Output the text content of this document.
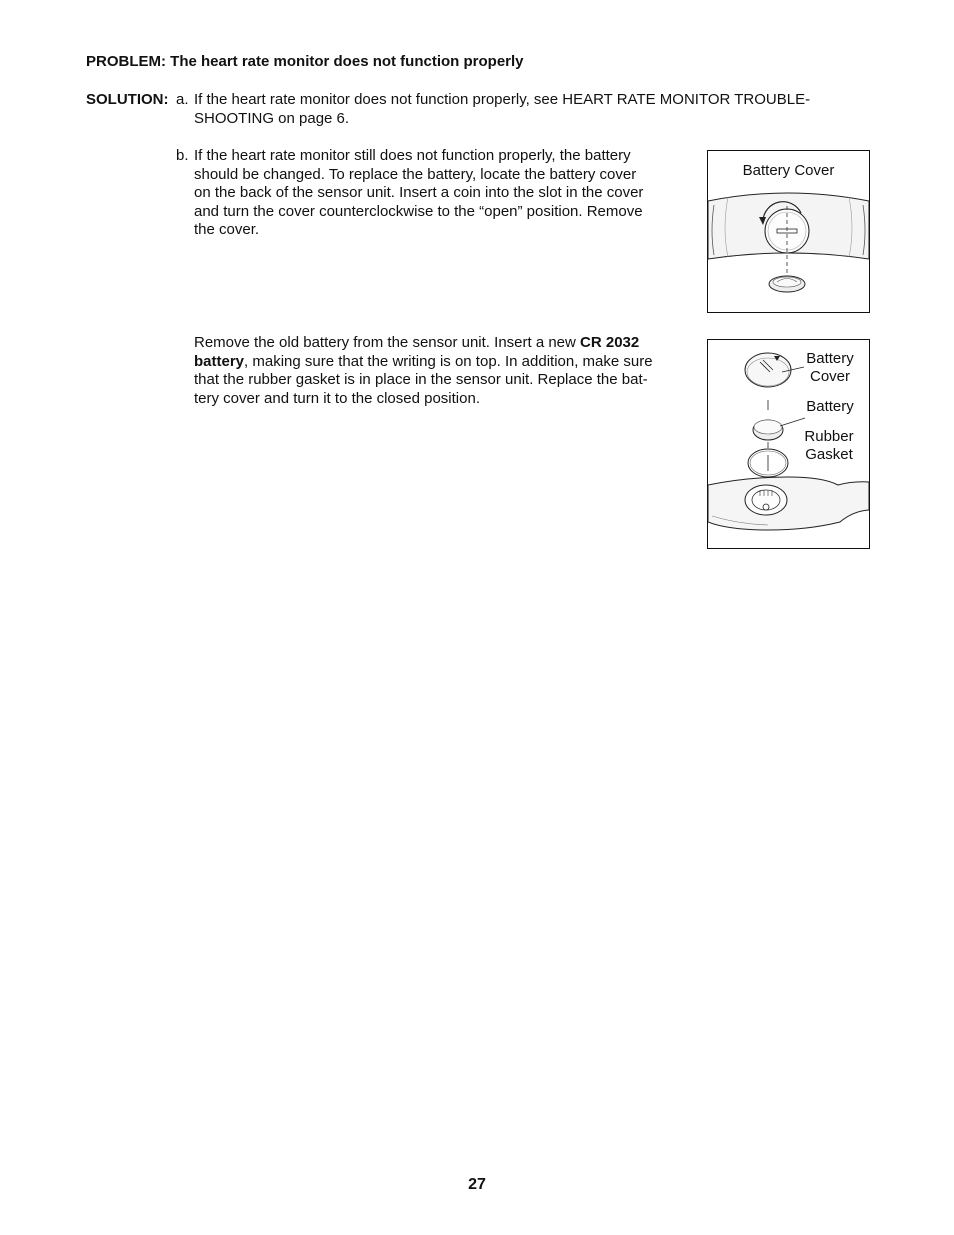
PROBLEM: The heart rate monitor does not function properly
SOLUTION: a. If the heart rate monitor does not function properly, see HEART RATE MONITOR TROUBLE-
SHOOTING on page 6.
b. If the heart rate monitor still does not function properly, the battery
should be changed. To replace the battery, locate the battery cover
on the back of the sensor unit. Insert a coin into the slot in the cover
and turn the cover counterclockwise to the “open” position. Remove
the cover.
Remove the old battery from the sensor unit. Insert a new CR 2032
battery, making sure that the writing is on top. In addition, make sure
that the rubber gasket is in place in the sensor unit. Replace the bat-
tery cover and turn it to the closed position.
Battery Cover
Battery
Cover
Battery
Rubber
Gasket
27
